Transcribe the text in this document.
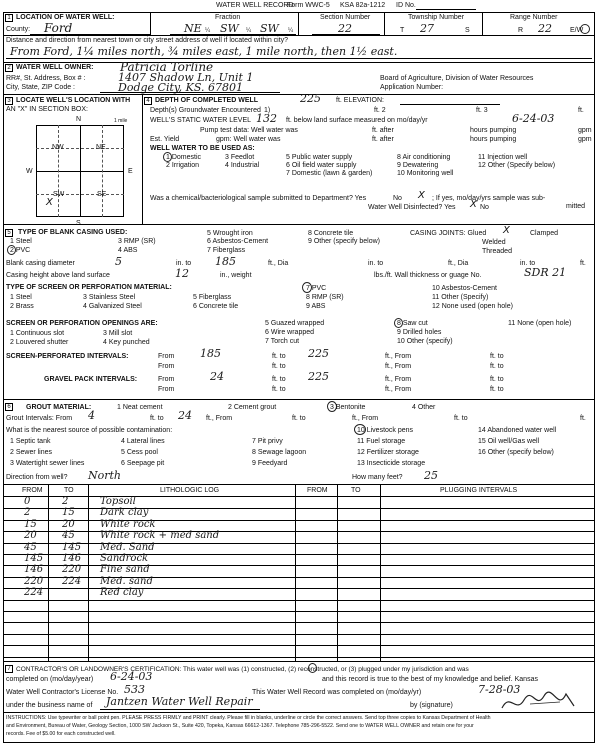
WATER WELL RECORD
Form WWC-5 KSA 82a-1212 ID No.
1 LOCATION OF WATER WELL:
County: Ford
Fraction
NE ¼ SW ¼ SW ¼
Section Number
22
Township Number
T 27	S
Range Number
R 22	E/W
Distance and direction from nearest town or city street address of well if located within city?
From Ford, 1¼ miles north, ¾ miles east, 1 mile north, then 1½ east.
2 WATER WELL OWNER: Patricia Torline
RR#, St. Address, Box # :	1407 Shadow Ln, Unit 1	Board of Agriculture, Division of Water Resources
City, State, ZIP Code :	Dodge City, KS. 67801	Application Number:
3 LOCATE WELL'S LOCATION WITH
AN "X" IN SECTION BOX:
N
W	E
S
NW	NE
SW	SE
X
1 mile
4 DEPTH OF COMPLETED WELL	225 ft. ELEVATION:
Depth(s) Groundwater Encountered 1)	ft. 2	ft. 3	ft.
WELL'S STATIC WATER LEVEL 132 ft. below land surface measured on mo/day/yr	6-24-03
Pump test data: Well water was	ft. after	hours pumping	gpm
Est. Yield	gpm: Well water was	ft. after	hours pumping	gpm
WELL WATER TO BE USED AS:
1 Domestic	3 Feedlot	5 Public water supply	8 Air conditioning	11 Injection well
2 Irrigation	4 Industrial	6 Oil field water supply	9 Dewatering	12 Other (Specify below)
7 Domestic (lawn & garden)	10 Monitoring well
Was a chemical/bacteriological sample submitted to Department? Yes	No X ; If yes, mo/day/yrs sample was sub-
mitted
Water Well Disinfected? Yes X No
5	TYPE OF BLANK CASING USED:
1 Steel	3 RMP (SR)
5 Wrought iron	8 Concrete tile
2 PVC	4 ABS
6 Asbestos-Cement	9 Other (specify below)
7 Fiberglass
CASING JOINTS: Glued X	Clamped
Welded
Threaded
Blank casing diameter	5	in. to 185	ft., Dia	in. to	ft., Dia	in. to	ft.
Casing height above land surface	12	in., weight	lbs./ft. Wall thickness or guage No.	SDR 21
TYPE OF SCREEN OR PERFORATION MATERIAL:
1 Steel	3 Stainless Steel	5 Fiberglass
7 PVC	10 Asbestos-Cement
2 Brass	4 Galvanized Steel	6 Concrete tile
8 RMP (SR)
9 ABS
11 Other (Specify)
12 None used (open hole)
SCREEN OR PERFORATION OPENINGS ARE:	5 Guazed wrapped	8 Saw cut	11 None (open hole)
1 Continuous slot	3 Mill slot	6 Wire wrapped	9 Drilled holes
2 Louvered shutter	4 Key punched	7 Torch cut	10 Other (specify)
SCREEN-PERFORATED INTERVALS:	From 185	ft. to 225	ft., From	ft. to
From	ft. to	ft., From	ft. to
GRAVEL PACK INTERVALS:	From	24	ft. to 225	ft., From	ft. to
From	ft. to	ft., From	ft. to
6	GROUT MATERIAL:	1 Neat cement	2 Cement grout	3 Bentonite	4 Other
Grout Intervals: From 4	ft. to 24 ft., From	ft. to	ft., From	ft. to	ft.
What is the nearest source of possible contamination:	10 Livestock pens	14 Abandoned water well
1 Septic tank	4 Lateral lines	7 Pit privy	11 Fuel storage	15 Oil well/Gas well
2 Sewer lines	5 Cess pool	8 Sewage lagoon	12 Fertilizer storage	16 Other (specify below)
3 Watertight sewer lines	6 Seepage pit	9 Feedyard	13 Insecticide storage
Direction from well? North	How many feet? 25
FROM	TO	LITHOLOGIC LOG	FROM	TO	PLUGGING INTERVALS
0	2	Topsoil
2	15	Dark clay
15	20	White rock
20	45	White rock + med sand
45	145 Med. Sand
145 146 Sandrock
146 220 Fine sand
220 224 Med. sand
224	Red clay
7 CONTRACTOR'S OR LANDOWNER'S CERTIFICATION: This water well was (1) constructed, (2) reconstructed, or (3) plugged under my jurisdiction and was
completed on (mo/day/year) 6-24-03	and this record is true to the best of my knowledge and belief. Kansas
Water Well Contractor's License No. 533	This Water Well Record was completed on (mo/day/yr)	7-28-03
under the business name of Jantzen Water Well Repair	by (signature)
INSTRUCTIONS: Use typewriter or ball point pen. PLEASE PRESS FIRMLY and PRINT clearly. Please fill in blanks, underline or circle the correct answers. Send top three copies to Kansas Department of Health
and Environment, Bureau of Water, Geology Section, 1000 SW Jackson St., Suite 420, Topeka, Kansas 66612-1367. Telephone 785-296-5522. Send one to WATER WELL OWNER and retain one for your
records. Fee of $5.00 for each constructed well.
